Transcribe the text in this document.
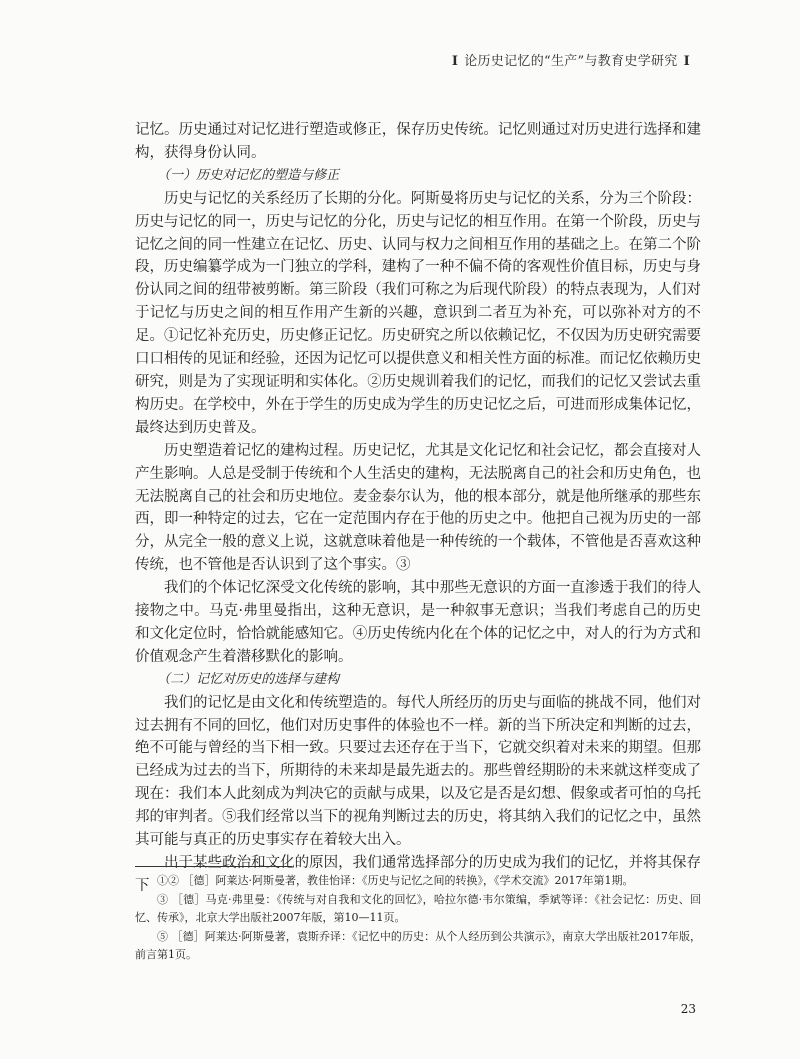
I 论历史记忆的“生产”与教育史学研究 I

记忆。历史通过对记忆进行塑造或修正，保存历史传统。记忆则通过对历史进行选择和建构，获得身份认同。

（一）历史对记忆的塑造与修正

历史与记忆的关系经历了长期的分化。阿斯曼将历史与记忆的关系，分为三个阶段：历史与记忆的同一，历史与记忆的分化，历史与记忆的相互作用。在第一个阶段，历史与记忆之间的同一性建立在记忆、历史、认同与权力之间相互作用的基础之上。在第二个阶段，历史编纂学成为一门独立的学科，建构了一种不偏不倚的客观性价值目标，历史与身份认同之间的纽带被剪断。第三阶段（我们可称之为后现代阶段）的特点表现为，人们对于记忆与历史之间的相互作用产生新的兴趣，意识到二者互为补充，可以弥补对方的不足。①记忆补充历史，历史修正记忆。历史研究之所以依赖记忆，不仅因为历史研究需要口口相传的见证和经验，还因为记忆可以提供意义和相关性方面的标准。而记忆依赖历史研究，则是为了实现证明和实体化。②历史规训着我们的记忆，而我们的记忆又尝试去重构历史。在学校中，外在于学生的历史成为学生的历史记忆之后，可进而形成集体记忆，最终达到历史普及。

历史塑造着记忆的建构过程。历史记忆，尤其是文化记忆和社会记忆，都会直接对人产生影响。人总是受制于传统和个人生活史的建构，无法脱离自己的社会和历史角色，也无法脱离自己的社会和历史地位。麦金泰尔认为，他的根本部分，就是他所继承的那些东西，即一种特定的过去，它在一定范围内存在于他的历史之中。他把自己视为历史的一部分，从完全一般的意义上说，这就意味着他是一种传统的一个载体，不管他是否喜欢这种传统，也不管他是否认识到了这个事实。③

我们的个体记忆深受文化传统的影响，其中那些无意识的方面一直渗透于我们的待人接物之中。马克·弗里曼指出，这种无意识，是一种叙事无意识；当我们考虑自己的历史和文化定位时，恰恰就能感知它。④历史传统内化在个体的记忆之中，对人的行为方式和价值观念产生着潜移默化的影响。

（二）记忆对历史的选择与建构

我们的记忆是由文化和传统塑造的。每代人所经历的历史与面临的挑战不同，他们对过去拥有不同的回忆，他们对历史事件的体验也不一样。新的当下所决定和判断的过去，绝不可能与曾经的当下相一致。只要过去还存在于当下，它就交织着对未来的期望。但那已经成为过去的当下，所期待的未来却是最先逝去的。那些曾经期盼的未来就这样变成了现在：我们本人此刻成为判决它的贡献与成果，以及它是否是幻想、假象或者可怕的乌托邦的审判者。⑤我们经常以当下的视角判断过去的历史，将其纳入我们的记忆之中，虽然其可能与真正的历史事实存在着较大出入。

出于某些政治和文化的原因，我们通常选择部分的历史成为我们的记忆，并将其保存下 ①② ［德］阿莱达·阿斯曼著，教佳怡译：《历史与记忆之间的转换》，《学术交流》2017年第1期。

③ ［德］马克·弗里曼：《传统与对自我和文化的回忆》，哈拉尔德·韦尔策编，季斌等译：《社会记忆：历史、回忆、传承》，北京大学出版社2007年版，第10—11页。

⑤ ［德］阿莱达·阿斯曼著，袁斯乔译：《记忆中的历史：从个人经历到公共演示》，南京大学出版社2017年版，前言第1页。

23
